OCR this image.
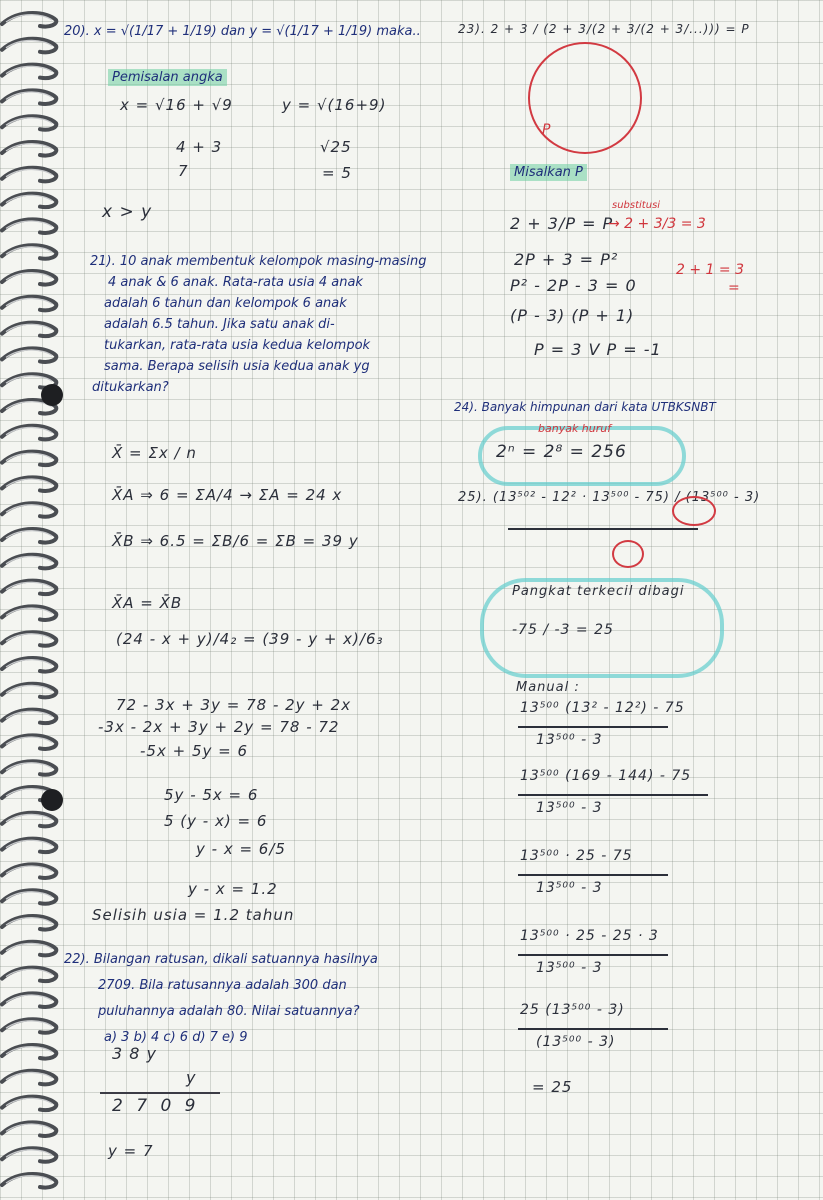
20). x = √(1/17 + 1/19) dan y = √(1/17 + 1/19) maka..
Pemisalan angka
x = √16 + √9	y = √(16+9)
4 + 3
7
√25
= 5
x > y
21). 10 anak membentuk kelompok masing-masing
4 anak & 6 anak. Rata-rata usia 4 anak
adalah 6 tahun dan kelompok 6 anak
adalah 6.5 tahun. Jika satu anak di-
tukarkan, rata-rata usia kedua kelompok
sama. Berapa selisih usia kedua anak yg
ditukarkan?
X̄ = Σx / n
X̄A ⇒ 6 = ΣA/4 → ΣA = 24 x
X̄B ⇒ 6.5 = ΣB/6 = ΣB = 39 y
X̄A = X̄B
(24 - x + y)/4₂ = (39 - y + x)/6₃
72 - 3x + 3y = 78 - 2y + 2x
-3x - 2x + 3y + 2y = 78 - 72
-5x + 5y = 6
5y - 5x = 6
5 (y - x) = 6
y - x = 6/5
y - x = 1.2
Selisih usia = 1.2 tahun
22). Bilangan ratusan, dikali satuannya hasilnya
2709. Bila ratusannya adalah 300 dan
puluhannya adalah 80. Nilai satuannya?
a) 3 b) 4 c) 6 d) 7 e) 9
3 8 y
y
2 7 0 9
y = 7
23). 2 + 3 / (2 + 3/(2 + 3/(2 + 3/...))) = P
P
Misalkan P
substitusi
2 + 3/P = P
2P + 3 = P²
P² - 2P - 3 = 0
(P - 3) (P + 1)
P = 3 V P = -1
→ 2 + 3/3 = 3
2 + 1 = 3
=
24). Banyak himpunan dari kata UTBKSNBT
banyak huruf
2ⁿ = 2⁸ = 256
25). (13⁵⁰² - 12² · 13⁵⁰⁰ - 75) / (13⁵⁰⁰ - 3)
Pangkat terkecil dibagi
-75 / -3 = 25
Manual :
13⁵⁰⁰ (13² - 12²) - 75
13⁵⁰⁰ - 3
13⁵⁰⁰ (169 - 144) - 75
13⁵⁰⁰ - 3
13⁵⁰⁰ · 25 - 75
13⁵⁰⁰ - 3
13⁵⁰⁰ · 25 - 25 · 3
13⁵⁰⁰ - 3
25 (13⁵⁰⁰ - 3)
(13⁵⁰⁰ - 3)
= 25
